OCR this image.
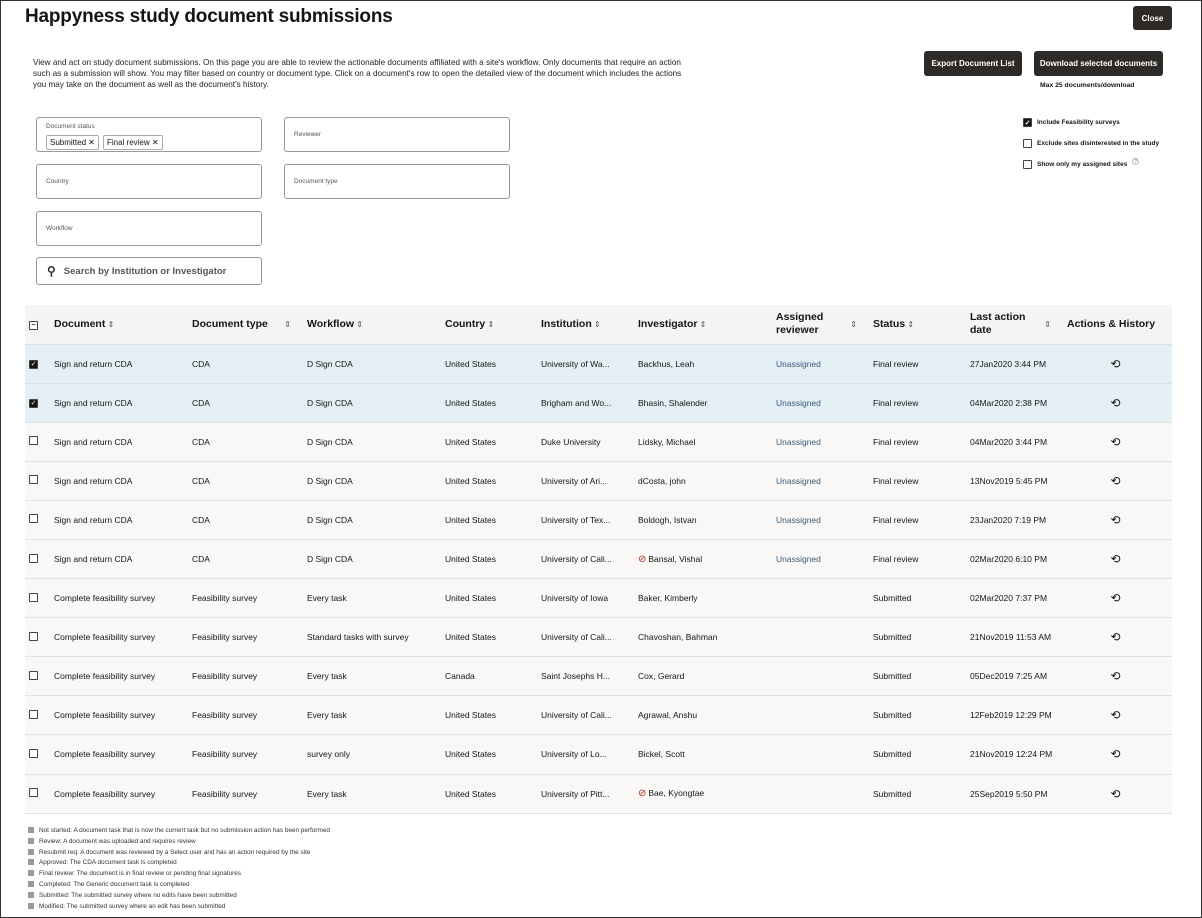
Happyness study document submissions	Close

View and act on study document submissions. On this page you are able to review the actionable documents affiliated with a site's workflow. Only documents that require an action such as a submission will show. You may filter based on country or document type. Click on a document's row to open the detailed view of the document which includes the actions you may take on the document as well as the document's history.

Export Document List	Download selected documents
Max 25 documents/download
Document status
Submitted ✕ Final review ✕
Reviewer
Country	Document type
Workflow
⚲ Search by Institution or Investigator
✓ Include Feasibility surveys
Exclude sites disinterested in the study
Show only my assigned sites	?
−	Document ⇕	Document type ⇕	Workflow ⇕	Country ⇕	Institution ⇕	Investigator ⇕	Assigned reviewer ⇕	Status ⇕	Last action date ⇕	Actions & History

✓	Sign and return CDA	CDA	D Sign CDA	United States	University of Wa...	Backhus, Leah	Unassigned	Final review	27Jan2020 3:44 PM	⟲

✓	Sign and return CDA	CDA	D Sign CDA	United States	Brigham and Wo...	Bhasin, Shalender	Unassigned	Final review	04Mar2020 2:38 PM	⟲

	Sign and return CDA	CDA	D Sign CDA	United States	Duke University	Lidsky, Michael	Unassigned	Final review	04Mar2020 3:44 PM	⟲

	Sign and return CDA	CDA	D Sign CDA	United States	University of Ari...	dCosta, john	Unassigned	Final review	13Nov2019 5:45 PM	⟲

	Sign and return CDA	CDA	D Sign CDA	United States	University of Tex...	Boldogh, Istvan	Unassigned	Final review	23Jan2020 7:19 PM	⟲

	Sign and return CDA	CDA	D Sign CDA	United States	University of Cali...	⊘ Bansal, Vishal	Unassigned	Final review	02Mar2020 6:10 PM	⟲

	Complete feasibility survey	Feasibility survey	Every task	United States	University of Iowa	Baker, Kimberly		Submitted	02Mar2020 7:37 PM	⟲

	Complete feasibility survey	Feasibility survey	Standard tasks with survey	United States	University of Cali...	Chavoshan, Bahman		Submitted	21Nov2019 11:53 AM	⟲

	Complete feasibility survey	Feasibility survey	Every task	Canada	Saint Josephs H...	Cox, Gerard		Submitted	05Dec2019 7:25 AM	⟲

	Complete feasibility survey	Feasibility survey	Every task	United States	University of Cali...	Agrawal, Anshu		Submitted	12Feb2019 12:29 PM	⟲

	Complete feasibility survey	Feasibility survey	survey only	United States	University of Lo...	Bickel, Scott		Submitted	21Nov2019 12:24 PM	⟲

	Complete feasibility survey	Feasibility survey	Every task	United States	University of Pitt...	⊘ Bae, Kyongtae		Submitted	25Sep2019 5:50 PM	⟲
Not started: A document task that is now the current task but no submission action has been performed
Review: A document was uploaded and requires review
Resubmit req: A document was reviewed by a Select user and has an action required by the site
Approved: The CDA document task is completed
Final review: The document is in final review or pending final signatures
Completed: The Generic document task is completed
Submitted: The submitted survey where no edits have been submitted
Modified: The submitted survey where an edit has been submitted
